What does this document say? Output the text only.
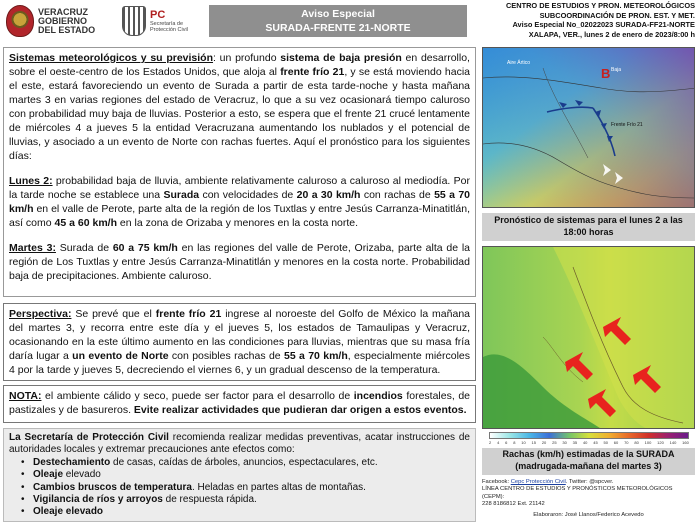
VERACRUZ
GOBIERNO
DEL ESTADO
PC
Secretaría de
Protección Civil
Aviso Especial
SURADA-FRENTE 21-NORTE
CENTRO DE ESTUDIOS Y PRON. METEOROLÓGICOS
SUBCOORDINACIÓN DE PRON. EST. Y MET.
Aviso Especial No_02022023 SURADA-FF21-NORTE
XALAPA, VER., lunes 2 de enero de 2023/8:00 h

Sistemas meteorológicos y su previsión: un profundo sistema de baja presión en desarrollo, sobre el oeste-centro de los Estados Unidos, que aloja al frente frío 21, y se está moviendo hacia el este, estará favoreciendo un evento de Surada a partir de esta tarde-noche y hasta mañana martes 3 en varias regiones del estado de Veracruz, lo que a su vez ocasionará tiempo caluroso con probabilidad muy baja de lluvias. Posterior a esto, se espera que el frente 21 crucé lentamente de miércoles 4 a jueves 5 la entidad Veracruzana aumentando los nublados y el potencial de lluvias, y asociado a un evento de Norte con rachas fuertes. Aquí el pronóstico para los siguientes días:

Lunes 2: probabilidad baja de lluvia, ambiente relativamente caluroso a caluroso al mediodía. Por la tarde noche se establece una Surada con velocidades de 20 a 30 km/h con rachas de 55 a 70 km/h en el valle de Perote, parte alta de la región de los Tuxtlas y entre Jesús Carranza-Minatitlán, así como 45 a 60 km/h en la zona de Orizaba y menores en la costa norte.

Martes 3: Surada de 60 a 75 km/h en las regiones del valle de Perote, Orizaba, parte alta de la región de Los Tuxtlas y entre Jesús Carranza-Minatitlán y menores en la costa norte. Probabilidad baja de precipitaciones. Ambiente caluroso.

Perspectiva: Se prevé que el frente frío 21 ingrese al noroeste del Golfo de México la mañana del martes 3, y recorra entre este día y el jueves 5, los estados de Tamaulipas y Veracruz, ocasionando en la este último aumento en las condiciones para lluvias, mientras que su masa fría daría lugar a un evento de Norte con posibles rachas de 55 a 70 km/h, especialmente miércoles 4 por la tarde y jueves 5, decreciendo el viernes 6, y un gradual descenso de la temperatura.
NOTA: el ambiente cálido y seco, puede ser factor para el desarrollo de incendios forestales, de pastizales y de basureros. Evite realizar actividades que pudieran dar origen a estos eventos.
La Secretaría de Protección Civil recomienda realizar medidas preventivas, acatar instrucciones de autoridades locales y extremar precauciones ante efectos como:
• Destechamiento de casas, caídas de árboles, anuncios, espectaculares, etc.
• Oleaje elevado
• Cambios bruscos de temperatura. Heladas en partes altas de montañas.
• Vigilancia de ríos y arroyos de respuesta rápida.
• Oleaje elevado
B Baja
Frente Frío 21
Aire Ártico
Pronóstico de sistemas para el lunes 2 a las 18:00 horas
2 4 6 8 10 15 20 25 30 35 40 45 50 60 70 80 100 120 140 160
Rachas (km/h) estimadas de la SURADA (madrugada-mañana del martes 3)
Facebook: Cepc Protección Civil. Twitter: @spcver.
LÍNEA CENTRO DE ESTUDIOS Y PRONÓSTICOS METEOROLÓGICOS (CEPM):
228 8186812 Ext. 21142
Elaboraron: José Llanos/Federico Acevedo
